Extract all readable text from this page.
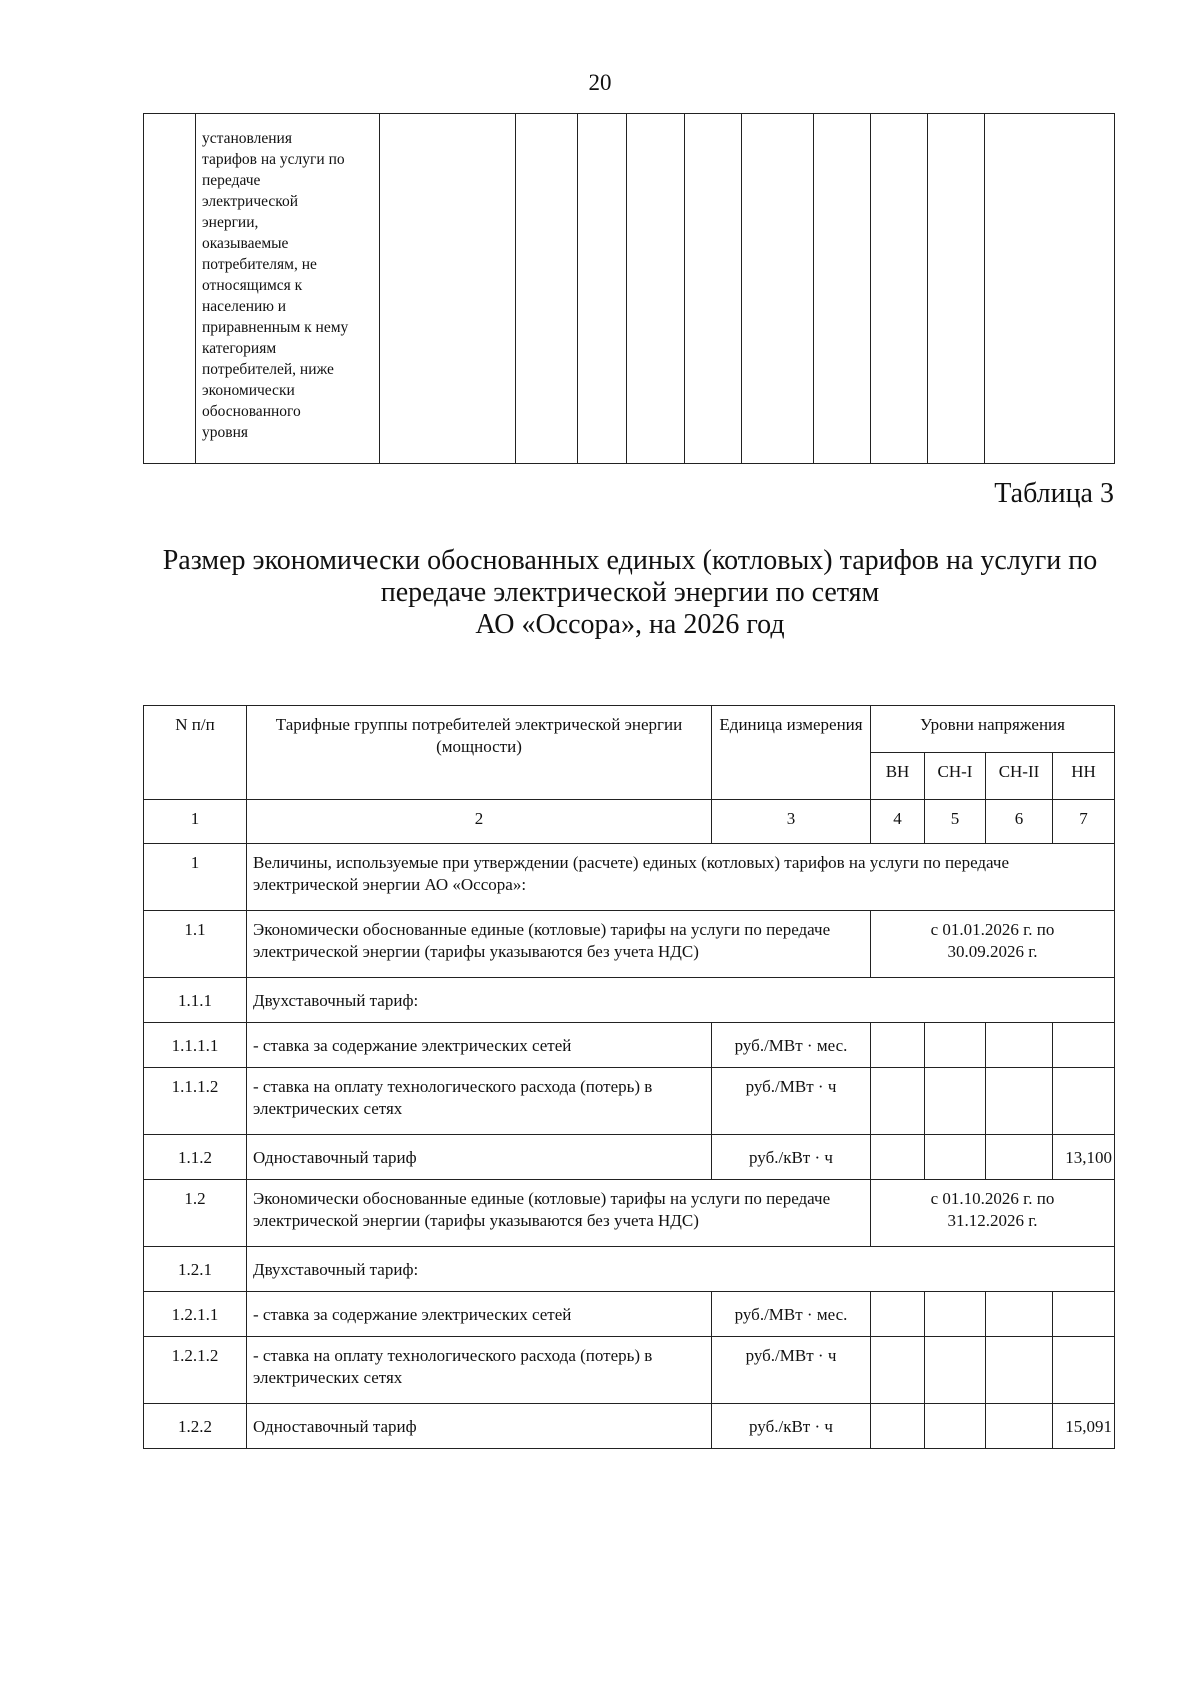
20

установления
тарифов на услуги по
передаче
электрической
энергии,
оказываемые
потребителям, не
относящимся к
населению и
приравненным к нему
категориям
потребителей, ниже
экономически
обоснованного
уровня

Таблица 3
Размер экономически обоснованных единых (котловых) тарифов на услуги по
передаче электрической энергии по сетям
АО «Оссора», на 2026 год
N п/п	Тарифные группы потребителей электрической энергии (мощности)	Единица измерения	Уровни напряжения			
			ВН	СН-I	СН-II	НН
1	2	3	4	5	6	7
1	Величины, используемые при утверждении (расчете) единых (котловых) тарифов на услуги по передаче электрической энергии АО «Оссора»:					
1.1	Экономически обоснованные единые (котловые) тарифы на услуги по передаче электрической энергии (тарифы указываются без учета НДС)		с 01.01.2026 г. по
30.09.2026 г.			

1.1.1	Двухставочный тариф:					
1.1.1.1	- ставка за содержание электрических сетей	руб./МВт · мес.				
1.1.1.2	- ставка на оплату технологического расхода (потерь) в электрических сетях	руб./МВт · ч				
1.1.2	Одноставочный тариф	руб./кВт · ч				13,100
1.2	Экономически обоснованные единые (котловые) тарифы на услуги по передаче электрической энергии (тарифы указываются без учета НДС)		с 01.10.2026 г. по
31.12.2026 г.			

1.2.1	Двухставочный тариф:					
1.2.1.1	- ставка за содержание электрических сетей	руб./МВт · мес.				
1.2.1.2	- ставка на оплату технологического расхода (потерь) в электрических сетях	руб./МВт · ч				
1.2.2	Одноставочный тариф	руб./кВт · ч				15,091
